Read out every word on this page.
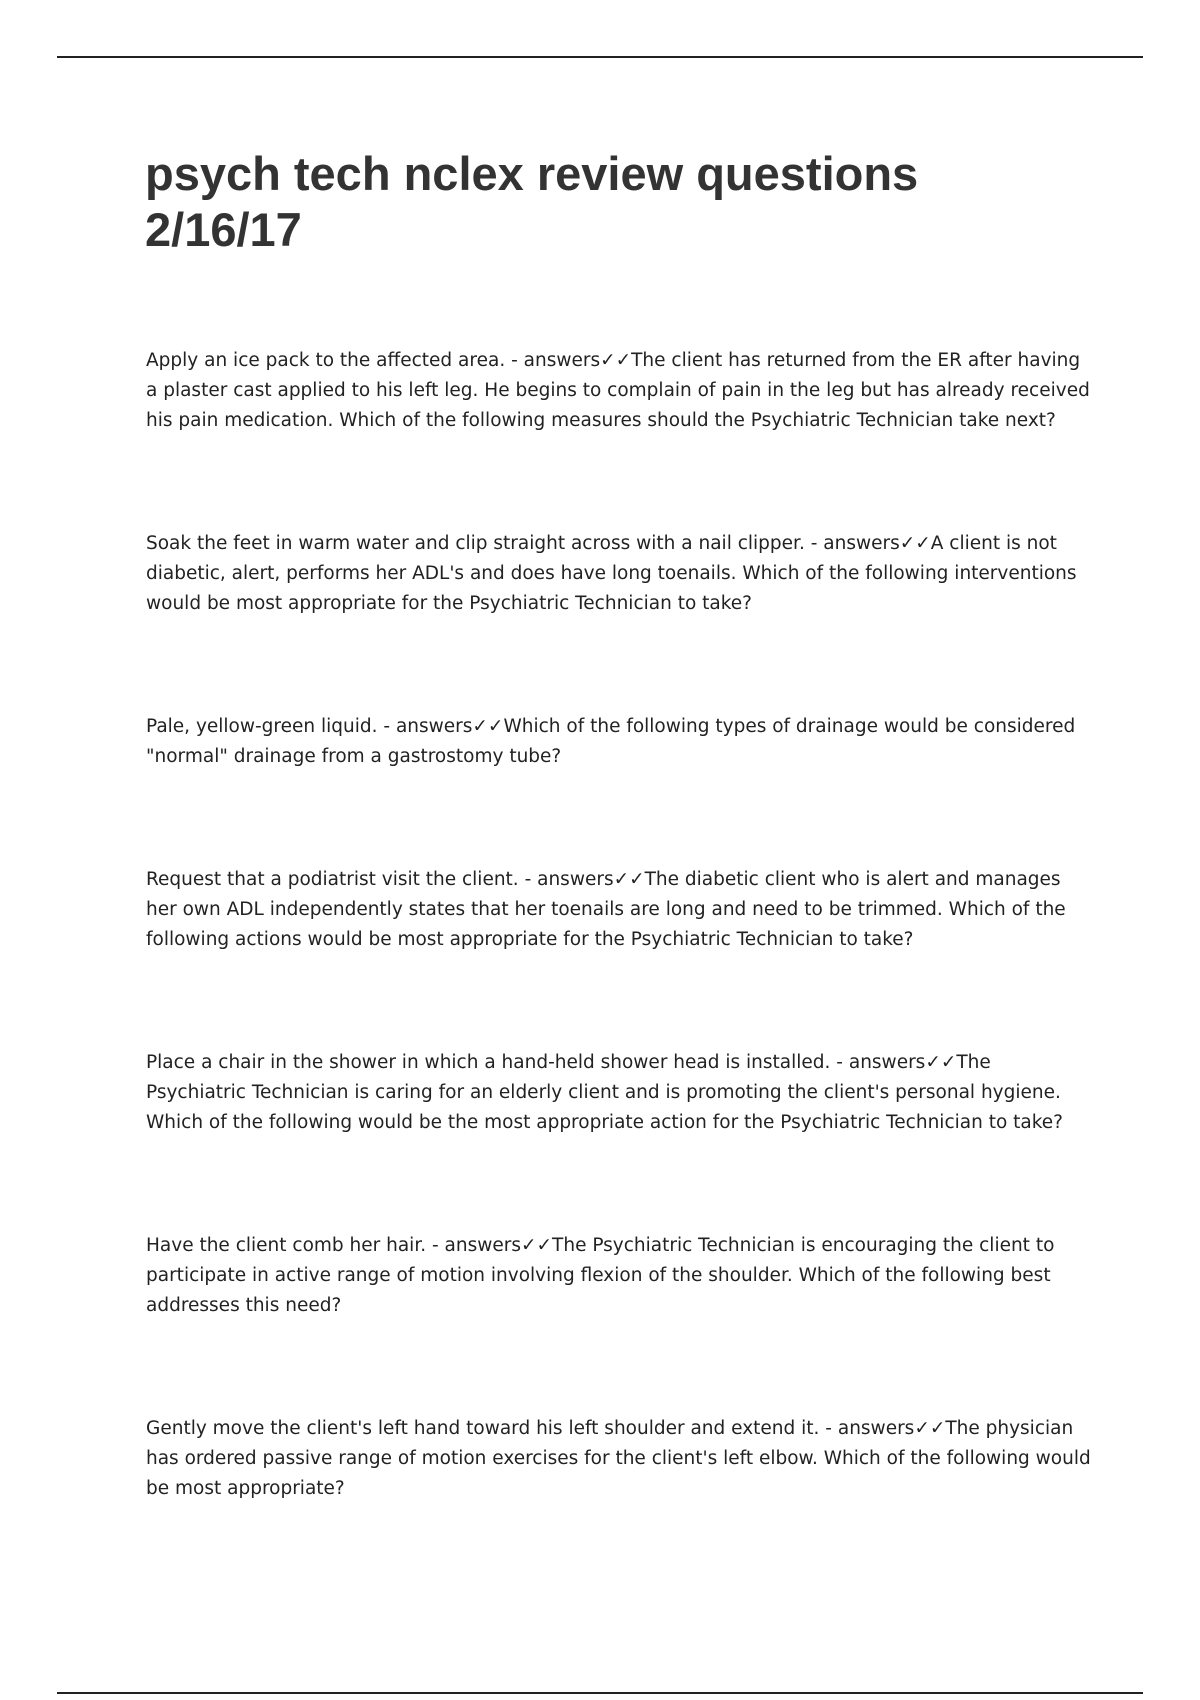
psych tech nclex review questions
2/16/17
Apply an ice pack to the affected area. - answers✓✓The client has returned from the ER after having a plaster cast applied to his left leg. He begins to complain of pain in the leg but has already received his pain medication. Which of the following measures should the Psychiatric Technician take next?
Soak the feet in warm water and clip straight across with a nail clipper. - answers✓✓A client is not diabetic, alert, performs her ADL's and does have long toenails. Which of the following interventions would be most appropriate for the Psychiatric Technician to take?
Pale, yellow-green liquid. - answers✓✓Which of the following types of drainage would be considered "normal" drainage from a gastrostomy tube?
Request that a podiatrist visit the client. - answers✓✓The diabetic client who is alert and manages her own ADL independently states that her toenails are long and need to be trimmed. Which of the following actions would be most appropriate for the Psychiatric Technician to take?
Place a chair in the shower in which a hand-held shower head is installed. - answers✓✓The Psychiatric Technician is caring for an elderly client and is promoting the client's personal hygiene. Which of the following would be the most appropriate action for the Psychiatric Technician to take?
Have the client comb her hair. - answers✓✓The Psychiatric Technician is encouraging the client to participate in active range of motion involving flexion of the shoulder. Which of the following best addresses this need?
Gently move the client's left hand toward his left shoulder and extend it. - answers✓✓The physician has ordered passive range of motion exercises for the client's left elbow. Which of the following would be most appropriate?
